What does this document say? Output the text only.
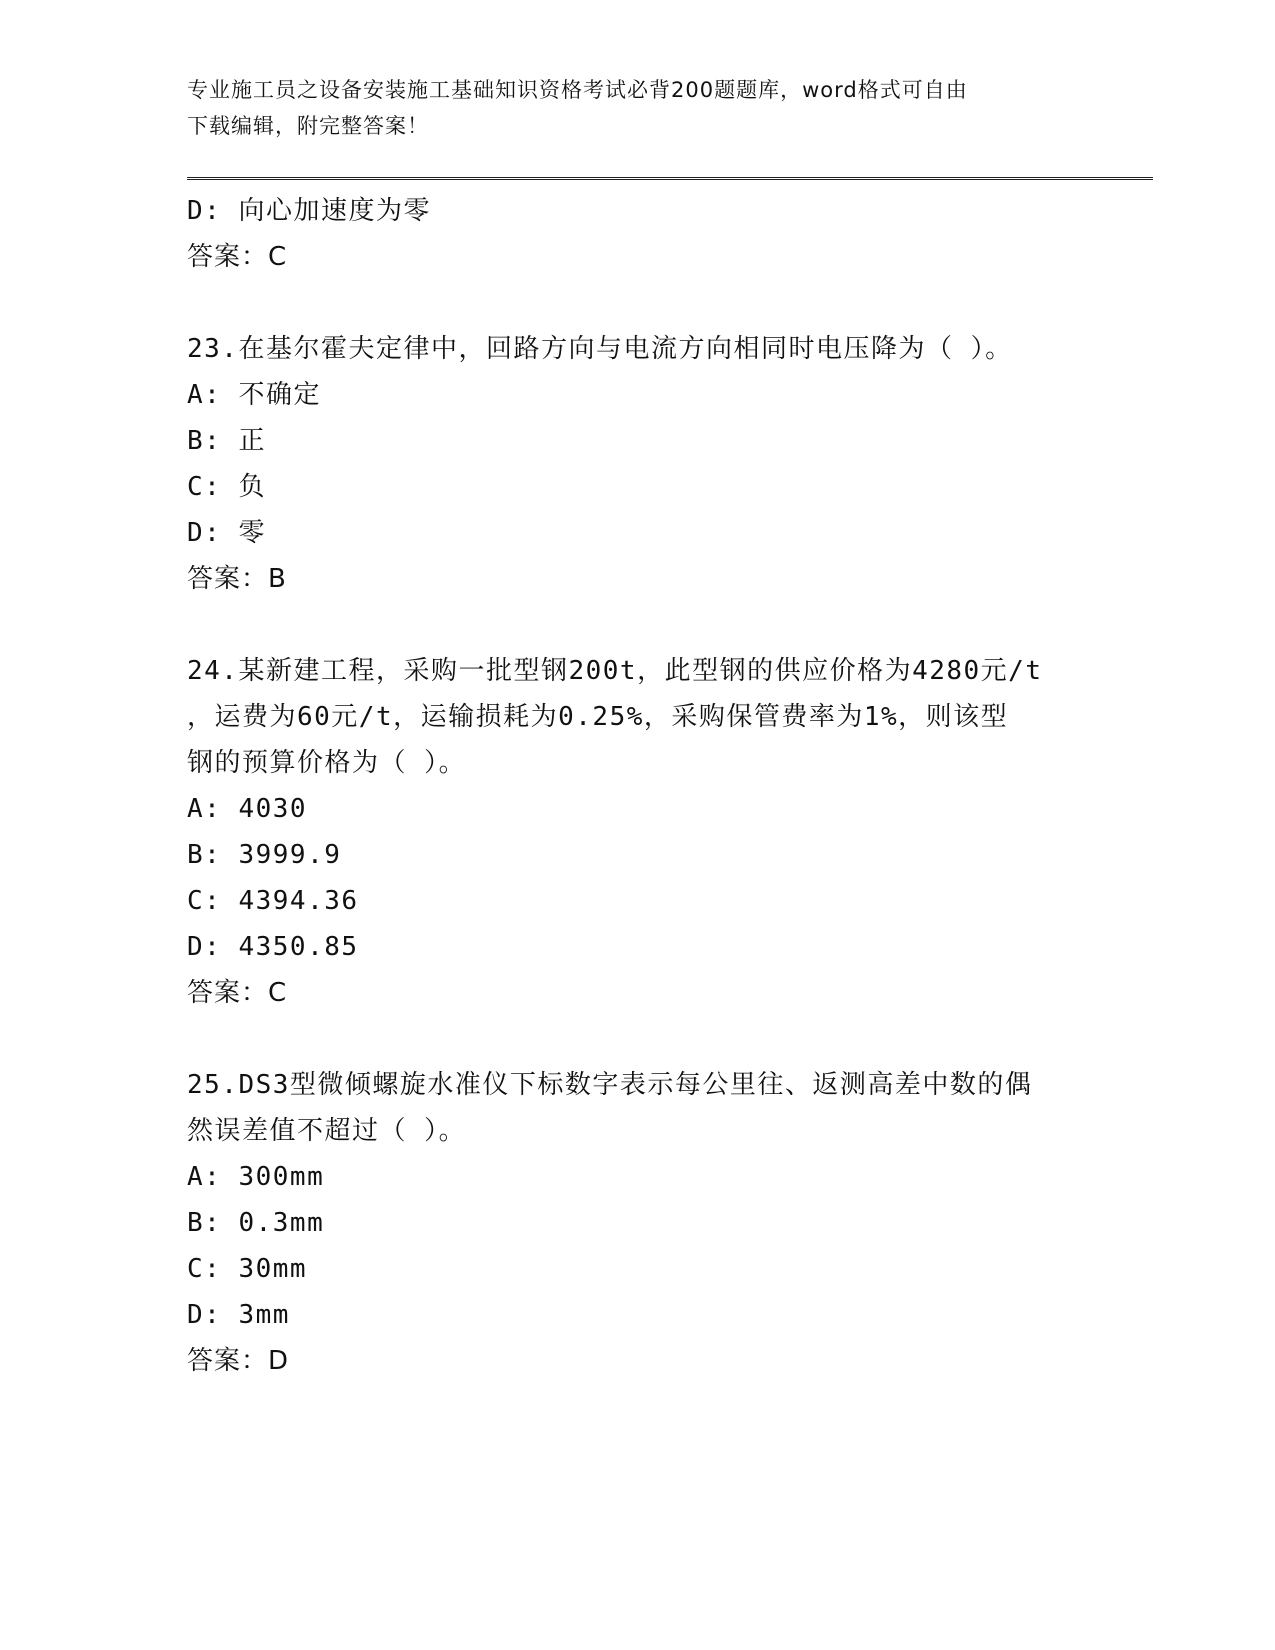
专业施工员之设备安装施工基础知识资格考试必背200题题库，word格式可自由
下载编辑，附完整答案！
D: 向心加速度为零
答案：C
23.在基尔霍夫定律中，回路方向与电流方向相同时电压降为（ ）。
A: 不确定
B: 正
C: 负
D: 零
答案：B
24.某新建工程，采购一批型钢200t，此型钢的供应价格为4280元/t
，运费为60元/t，运输损耗为0.25%，采购保管费率为1%，则该型
钢的预算价格为（ ）。
A: 4030
B: 3999.9
C: 4394.36
D: 4350.85
答案：C
25.DS3型微倾螺旋水准仪下标数字表示每公里往、返测高差中数的偶
然误差值不超过（ ）。
A: 300mm
B: 0.3mm
C: 30mm
D: 3mm
答案：D
